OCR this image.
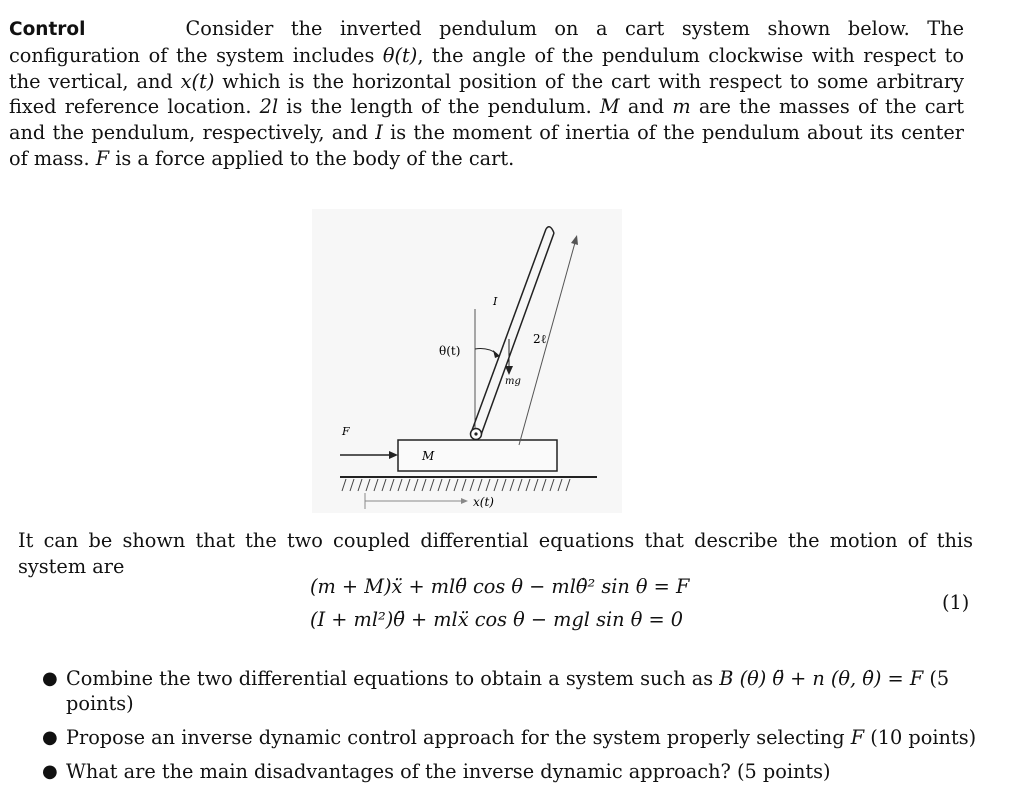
Control	Consider the inverted pendulum on a cart system shown below. The configuration of the system includes θ(t), the angle of the pendulum clockwise with respect to the vertical, and x(t) which is the horizontal position of the cart with respect to some arbitrary fixed reference location. 2l is the length of the pendulum. M and m are the masses of the cart and the pendulum, respectively, and I is the moment of inertia of the pendulum about its center of mass. F is a force applied to the body of the cart.
M
F
θ(t)
I
mg
2ℓ
x(t)
It can be shown that the two coupled differential equations that describe the motion of this system are
(m + M)ẍ + mlθ̈ cos θ − mlθ̇² sin θ = F
(I + ml²)θ̈ + mlẍ cos θ − mgl sin θ = 0
(1)
● Combine the two differential equations to obtain a system such as B (θ) θ̈ + n (θ, θ̇) = F (5 points)
● Propose an inverse dynamic control approach for the system properly selecting F (10 points)
● What are the main disadvantages of the inverse dynamic approach? (5 points)
